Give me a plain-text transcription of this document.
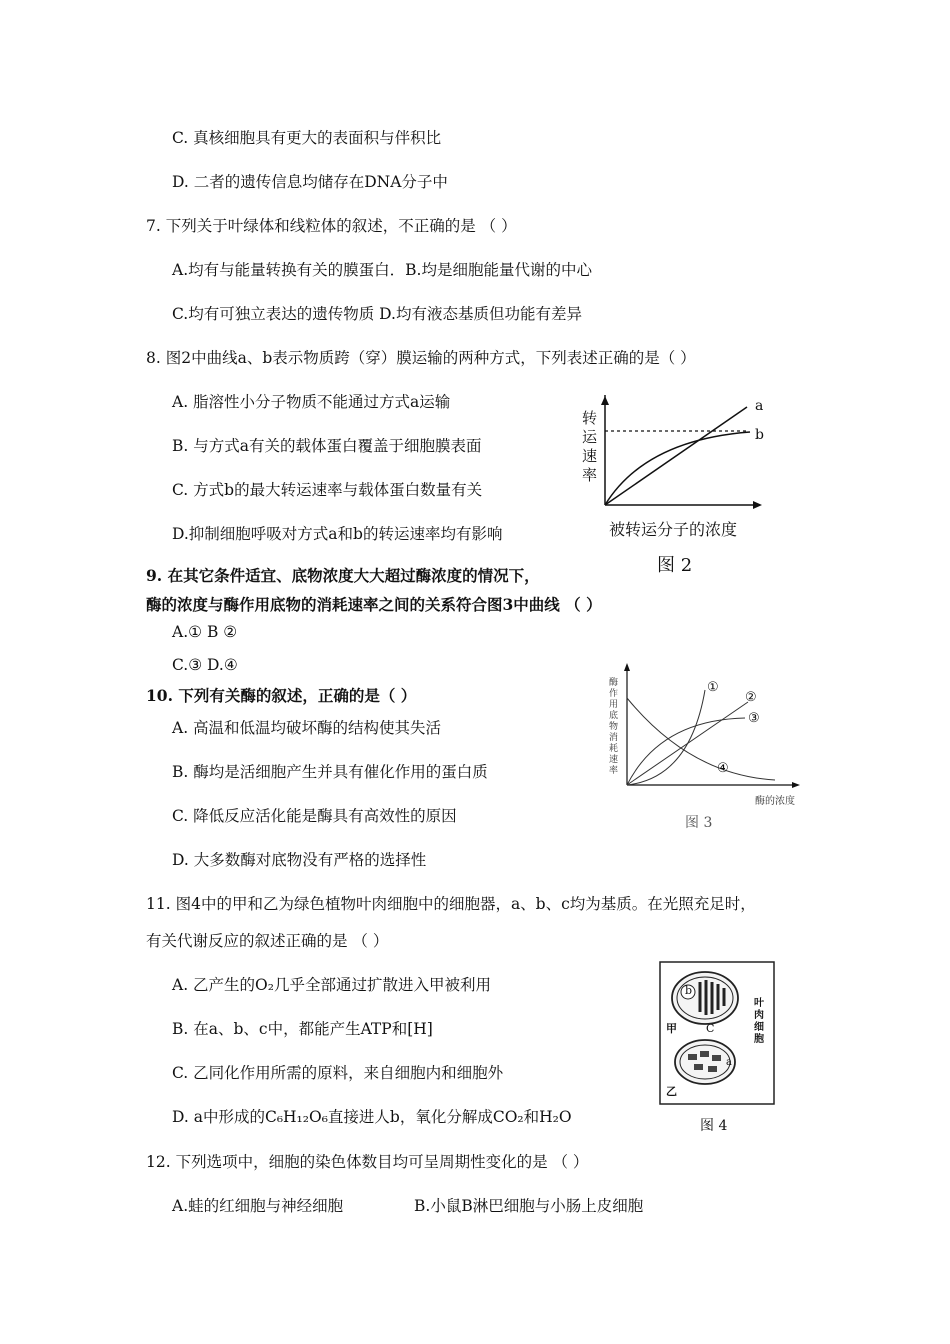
C. 真核细胞具有更大的表面积与伴积比
D. 二者的遗传信息均储存在DNA分子中
7. 下列关于叶绿体和线粒体的叙述，不正确的是 （ ）
A.均有与能量转换有关的膜蛋白．B.均是细胞能量代谢的中心
C.均有可独立表达的遗传物质 D.均有液态基质但功能有差异
8. 图2中曲线a、b表示物质跨（穿）膜运输的两种方式，下列表述正确的是（ ）
A. 脂溶性小分子物质不能通过方式a运输
B. 与方式a有关的载体蛋白覆盖于细胞膜表面
C. 方式b的最大转运速率与载体蛋白数量有关
D.抑制细胞呼吸对方式a和b的转运速率均有影响
a
b
转
运
速
率
被转运分子的浓度
图 2
9. 在其它条件适宜、底物浓度大大超过酶浓度的情况下，
酶的浓度与酶作用底物的消耗速率之间的关系符合图3中曲线 （ ）
A.① B ②
C.③ D.④
①
②
③
④
酶
作
用
底
物
消
耗
速
率
酶的浓度
图 3
10. 下列有关酶的叙述，正确的是（ ）
A. 高温和低温均破坏酶的结构使其失活
B. 酶均是活细胞产生并具有催化作用的蛋白质
C. 降低反应活化能是酶具有高效性的原因
D. 大多数酶对底物没有严格的选择性
11. 图4中的甲和乙为绿色植物叶肉细胞中的细胞器，a、b、c均为基质。在光照充足时，
有关代谢反应的叙述正确的是 （ ）
A. 乙产生的O₂几乎全部通过扩散进入甲被利用
B. 在a、b、c中，都能产生ATP和[H]
C. 乙同化作用所需的原料，来自细胞内和细胞外
D. a中形成的C₆H₁₂O₆直接进人b，氧化分解成CO₂和H₂O
b
甲	C
a
乙
叶
肉
细
胞
图 4
12. 下列选项中，细胞的染色体数目均可呈周期性变化的是 （ ）
A.蛙的红细胞与神经细胞	B.小鼠B淋巴细胞与小肠上皮细胞
